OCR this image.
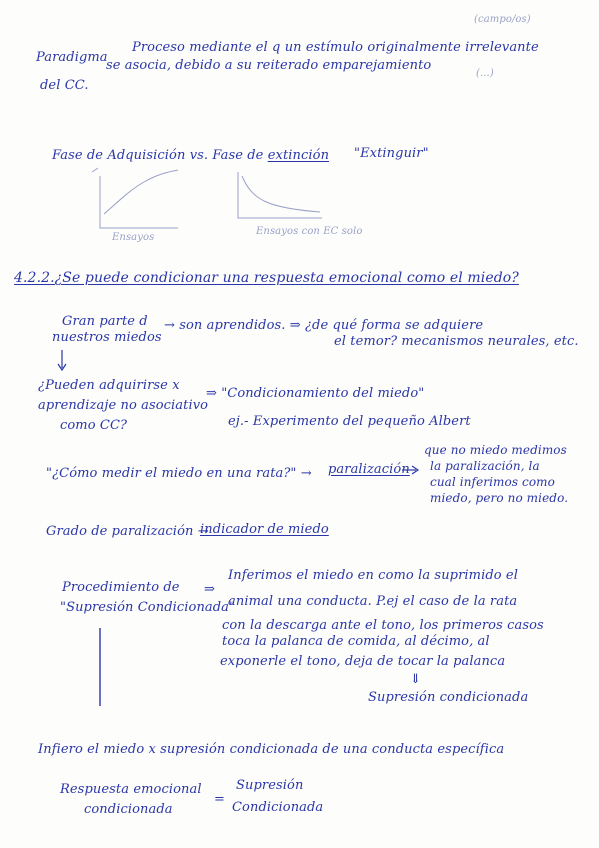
(campo/os)
(...)
Paradigma
del CC.
Proceso mediante el q un estímulo originalmente irrelevante
se asocia, debido a su reiterado emparejamiento
Fase de Adquisición vs. Fase de extinción "Extinguir"
Ensayos
Ensayos con EC solo
4.2.2.¿Se puede condicionar una respuesta emocional como el miedo?
Gran parte d
nuestros miedos
→ son aprendidos. ⇒ ¿de qué forma se adquiere
el temor? mecanismos neurales, etc.
¿Pueden adquirirse x
aprendizaje no asociativo
como CC?
⇒ "Condicionamiento del miedo"
ej.- Experimento del pequeño Albert
"¿Cómo medir el miedo en una rata?" → paralización
que no miedo medimos
la paralización, la
cual inferimos como
miedo, pero no miedo.
Grado de paralización →
indicador de miedo
Procedimiento de
"Supresión Condicionada"
⇒
Inferimos el miedo en como la suprimido el
animal una conducta. P.ej el caso de la rata
con la descarga ante el tono, los primeros casos
toca la palanca de comida, al décimo, al
exponerle el tono, deja de tocar la palanca
⇓
Supresión condicionada
Infiero el miedo x supresión condicionada de una conducta específica
Respuesta emocional
condicionada
=
Supresión
Condicionada
